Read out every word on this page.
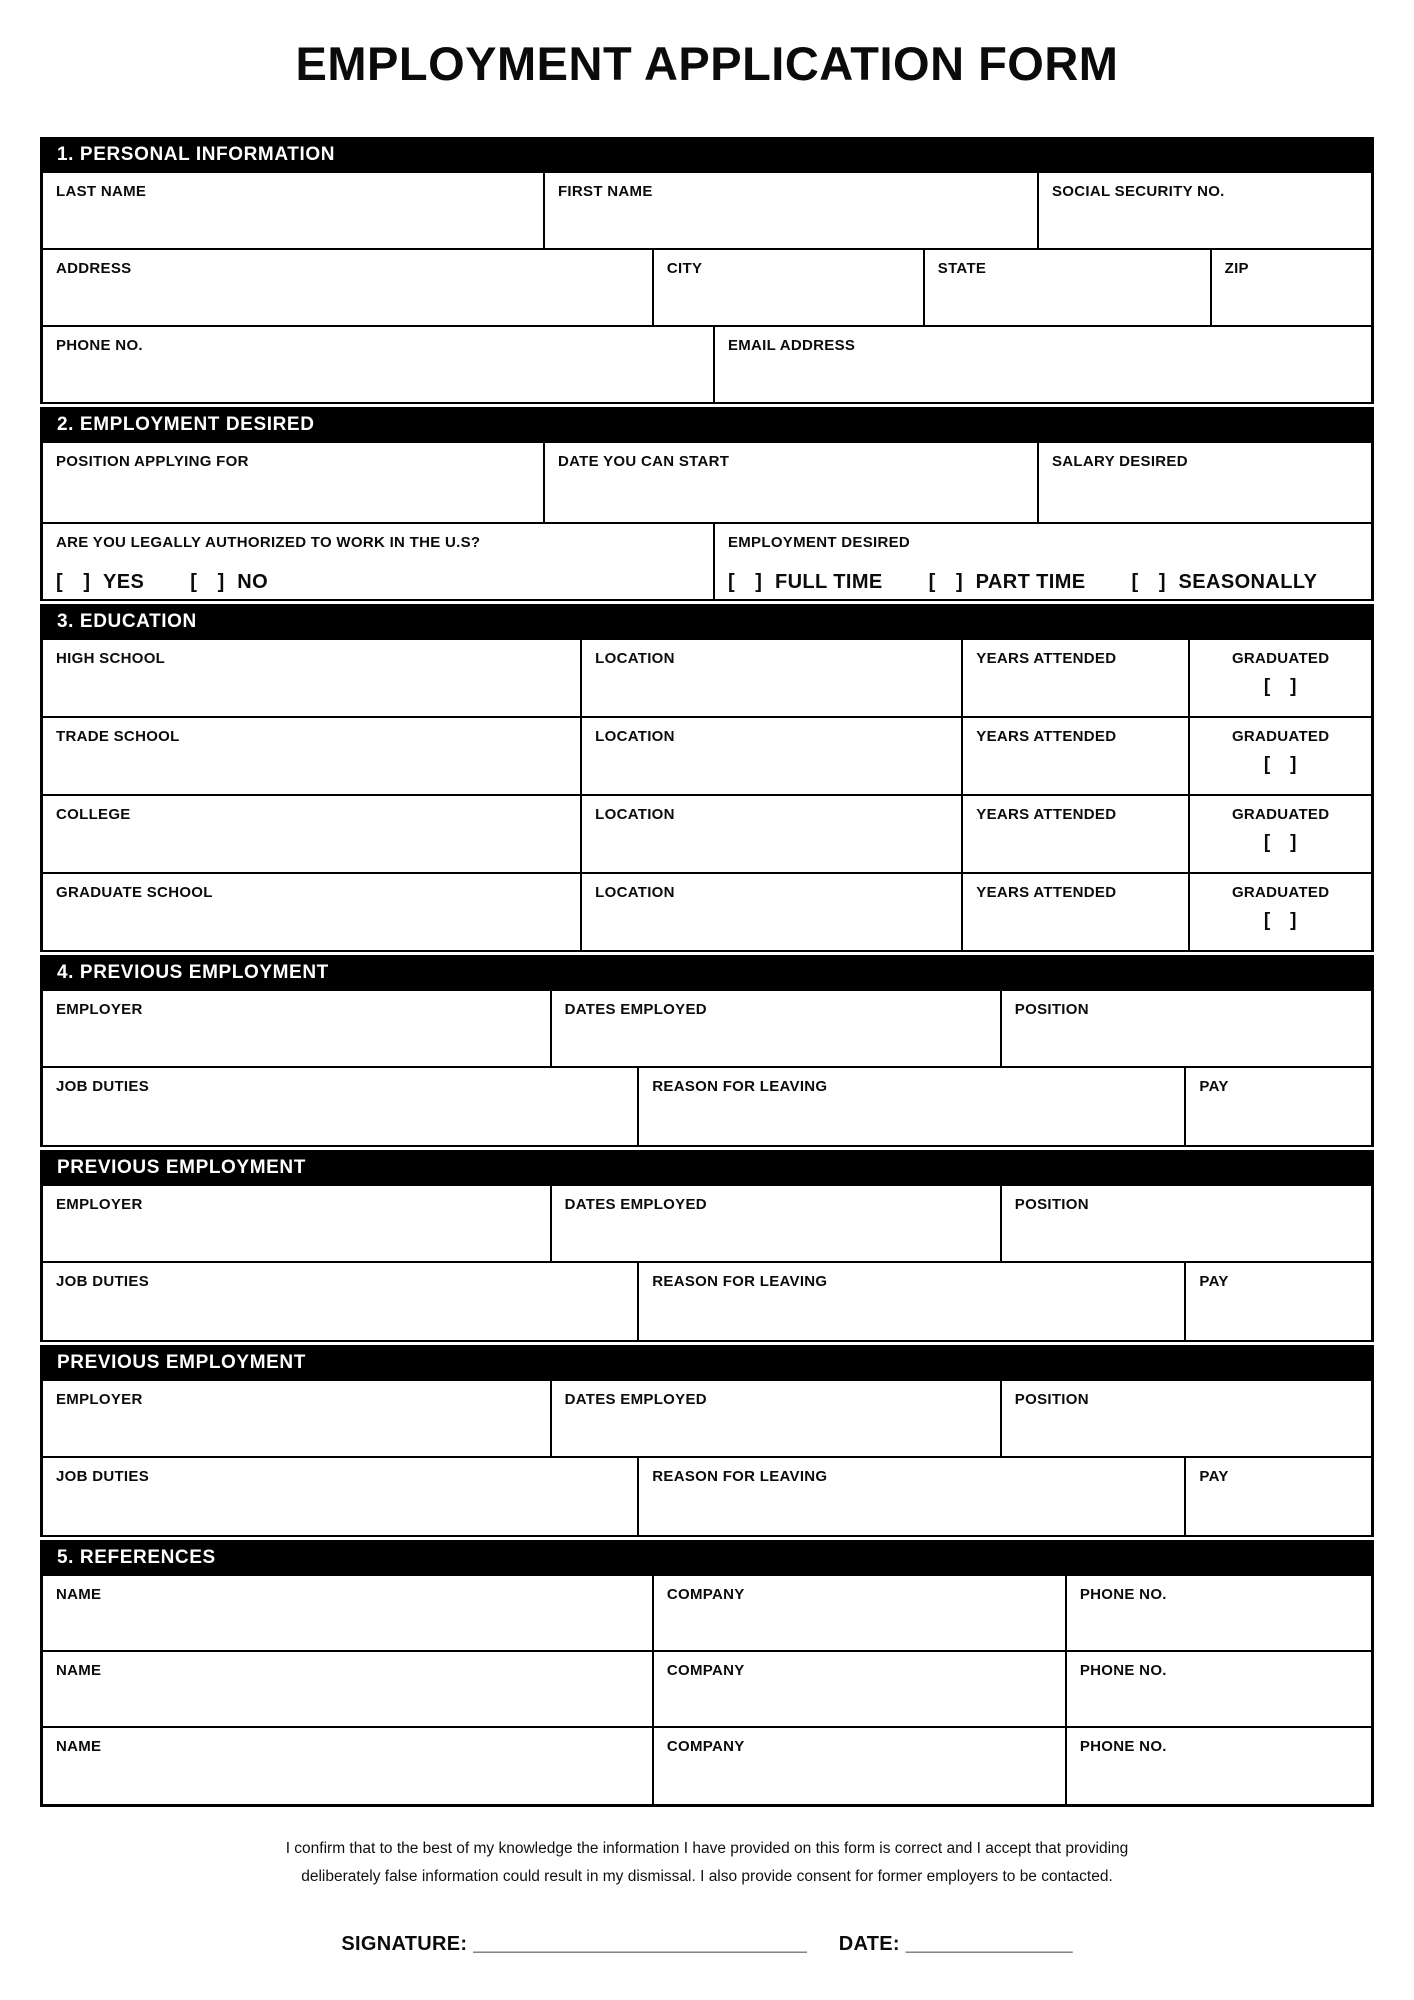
EMPLOYMENT APPLICATION FORM
1. PERSONAL INFORMATION
LAST NAME	FIRST NAME	SOCIAL SECURITY NO.
ADDRESS	CITY	STATE	ZIP
PHONE NO.	EMAIL ADDRESS
2. EMPLOYMENT DESIRED
POSITION APPLYING FOR	DATE YOU CAN START	SALARY DESIRED
ARE YOU LEGALLY AUTHORIZED TO WORK IN THE U.S?
[   ] YES [   ] NO
EMPLOYMENT DESIRED
[   ] FULL TIME [   ] PART TIME [   ] SEASONALLY
3. EDUCATION
HIGH SCHOOL	LOCATION	YEARS ATTENDED	GRADUATED
[   ]
TRADE SCHOOL	LOCATION	YEARS ATTENDED	GRADUATED
[   ]
COLLEGE	LOCATION	YEARS ATTENDED	GRADUATED
[   ]
GRADUATE SCHOOL	LOCATION	YEARS ATTENDED	GRADUATED
[   ]
4. PREVIOUS EMPLOYMENT
EMPLOYER	DATES EMPLOYED	POSITION
JOB DUTIES	REASON FOR LEAVING	PAY
PREVIOUS EMPLOYMENT
EMPLOYER	DATES EMPLOYED	POSITION
JOB DUTIES	REASON FOR LEAVING	PAY
PREVIOUS EMPLOYMENT
EMPLOYER	DATES EMPLOYED	POSITION
JOB DUTIES	REASON FOR LEAVING	PAY
5. REFERENCES
NAME	COMPANY	PHONE NO.
NAME	COMPANY	PHONE NO.
NAME	COMPANY	PHONE NO.
I confirm that to the best of my knowledge the information I have provided on this form is correct and I accept that providing
deliberately false information could result in my dismissal. I also provide consent for former employers to be contacted.
SIGNATURE: ______________________________ DATE: _______________
